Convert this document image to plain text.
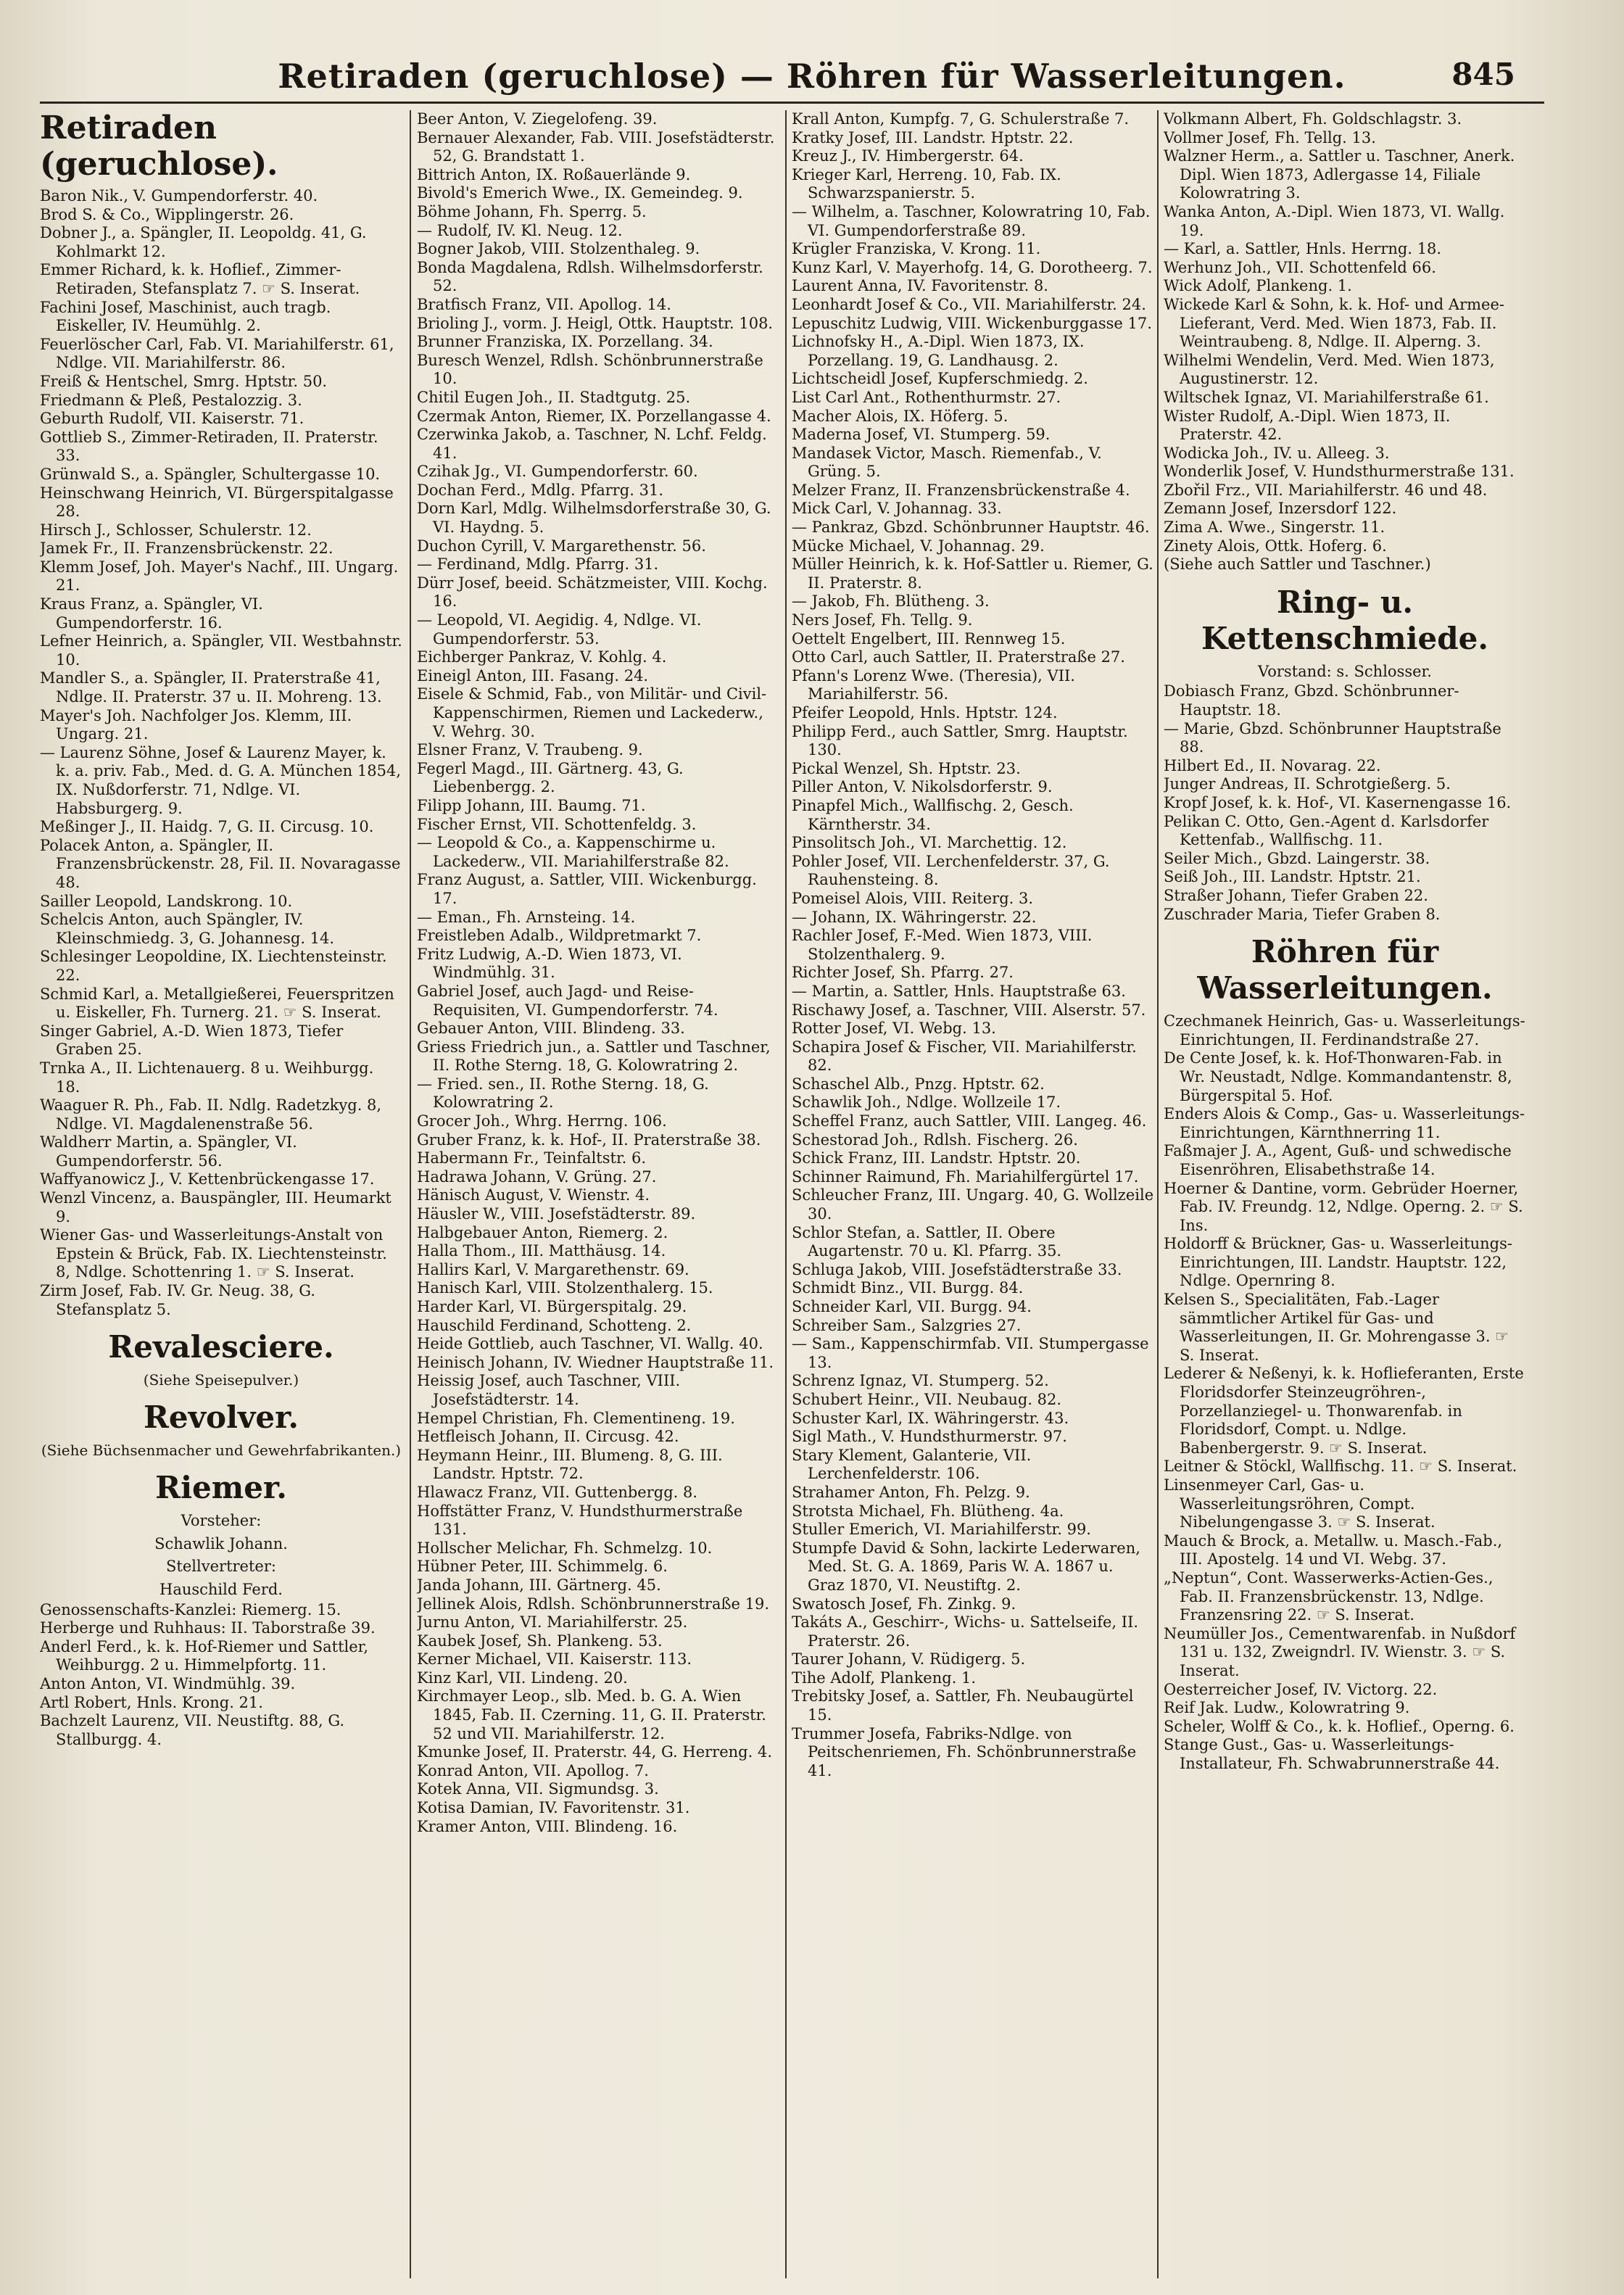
Retiraden (geruchlose) — Röhren für Wasserleitungen.	845
Retiraden (geruchlose).

Baron Nik., V. Gumpendorferstr. 40.

Brod S. & Co., Wipplingerstr. 26.

Dobner J., a. Spängler, II. Leopoldg. 41, G. Kohlmarkt 12.

Emmer Richard, k. k. Hoflief., Zimmer-Retiraden, Stefansplatz 7. ☞ S. Inserat.

Fachini Josef, Maschinist, auch tragb. Eiskeller, IV. Heumühlg. 2.

Feuerlöscher Carl, Fab. VI. Mariahilferstr. 61, Ndlge. VII. Mariahilferstr. 86.

Freiß & Hentschel, Smrg. Hptstr. 50.

Friedmann & Pleß, Pestalozzig. 3.

Geburth Rudolf, VII. Kaiserstr. 71.

Gottlieb S., Zimmer-Retiraden, II. Praterstr. 33.

Grünwald S., a. Spängler, Schultergasse 10.

Heinschwang Heinrich, VI. Bürgerspitalgasse 28.

Hirsch J., Schlosser, Schulerstr. 12.

Jamek Fr., II. Franzensbrückenstr. 22.

Klemm Josef, Joh. Mayer's Nachf., III. Ungarg. 21.

Kraus Franz, a. Spängler, VI. Gumpendorferstr. 16.

Lefner Heinrich, a. Spängler, VII. Westbahnstr. 10.

Mandler S., a. Spängler, II. Praterstraße 41, Ndlge. II. Praterstr. 37 u. II. Mohreng. 13.

Mayer's Joh. Nachfolger Jos. Klemm, III. Ungarg. 21.

— Laurenz Söhne, Josef & Laurenz Mayer, k. k. a. priv. Fab., Med. d. G. A. München 1854, IX. Nußdorferstr. 71, Ndlge. VI. Habsburgerg. 9.

Meßinger J., II. Haidg. 7, G. II. Circusg. 10.

Polacek Anton, a. Spängler, II. Franzensbrückenstr. 28, Fil. II. Novaragasse 48.

Sailler Leopold, Landskrong. 10.

Schelcis Anton, auch Spängler, IV. Kleinschmiedg. 3, G. Johannesg. 14.

Schlesinger Leopoldine, IX. Liechtensteinstr. 22.

Schmid Karl, a. Metallgießerei, Feuerspritzen u. Eiskeller, Fh. Turnerg. 21. ☞ S. Inserat.

Singer Gabriel, A.-D. Wien 1873, Tiefer Graben 25.

Trnka A., II. Lichtenauerg. 8 u. Weihburgg. 18.

Waaguer R. Ph., Fab. II. Ndlg. Radetzkyg. 8, Ndlge. VI. Magdalenenstraße 56.

Waldherr Martin, a. Spängler, VI. Gumpendorferstr. 56.

Waffyanowicz J., V. Kettenbrückengasse 17.

Wenzl Vincenz, a. Bauspängler, III. Heumarkt 9.

Wiener Gas- und Wasserleitungs-Anstalt von Epstein & Brück, Fab. IX. Liechtensteinstr. 8, Ndlge. Schottenring 1. ☞ S. Inserat.

Zirm Josef, Fab. IV. Gr. Neug. 38, G. Stefansplatz 5.

Revalesciere.
(Siehe Speisepulver.)
Revolver.
(Siehe Büchsenmacher und Gewehrfabrikanten.)
Riemer.
Vorsteher:
Schawlik Johann.
Stellvertreter:
Hauschild Ferd.

Genossenschafts-Kanzlei: Riemerg. 15.

Herberge und Ruhhaus: II. Taborstraße 39.

Anderl Ferd., k. k. Hof-Riemer und Sattler, Weihburgg. 2 u. Himmelpfortg. 11.

Anton Anton, VI. Windmühlg. 39.

Artl Robert, Hnls. Krong. 21.

Bachzelt Laurenz, VII. Neustiftg. 88, G. Stallburgg. 4.

Beer Anton, V. Ziegelofeng. 39.

Bernauer Alexander, Fab. VIII. Josefstädterstr. 52, G. Brandstatt 1.

Bittrich Anton, IX. Roßauerlände 9.

Bivold's Emerich Wwe., IX. Gemeindeg. 9.

Böhme Johann, Fh. Sperrg. 5.

— Rudolf, IV. Kl. Neug. 12.

Bogner Jakob, VIII. Stolzenthaleg. 9.

Bonda Magdalena, Rdlsh. Wilhelmsdorferstr. 52.

Bratfisch Franz, VII. Apollog. 14.

Brioling J., vorm. J. Heigl, Ottk. Hauptstr. 108.

Brunner Franziska, IX. Porzellang. 34.

Buresch Wenzel, Rdlsh. Schönbrunnerstraße 10.

Chitil Eugen Joh., II. Stadtgutg. 25.

Czermak Anton, Riemer, IX. Porzellangasse 4.

Czerwinka Jakob, a. Taschner, N. Lchf. Feldg. 41.

Czihak Jg., VI. Gumpendorferstr. 60.

Dochan Ferd., Mdlg. Pfarrg. 31.

Dorn Karl, Mdlg. Wilhelmsdorferstraße 30, G. VI. Haydng. 5.

Duchon Cyrill, V. Margarethenstr. 56.

— Ferdinand, Mdlg. Pfarrg. 31.

Dürr Josef, beeid. Schätzmeister, VIII. Kochg. 16.

— Leopold, VI. Aegidig. 4, Ndlge. VI. Gumpendorferstr. 53.

Eichberger Pankraz, V. Kohlg. 4.

Eineigl Anton, III. Fasang. 24.

Eisele & Schmid, Fab., von Militär- und Civil-Kappenschirmen, Riemen und Lackederw., V. Wehrg. 30.

Elsner Franz, V. Traubeng. 9.

Fegerl Magd., III. Gärtnerg. 43, G. Liebenbergg. 2.

Filipp Johann, III. Baumg. 71.

Fischer Ernst, VII. Schottenfeldg. 3.

— Leopold & Co., a. Kappenschirme u. Lackederw., VII. Mariahilferstraße 82.

Franz August, a. Sattler, VIII. Wickenburgg. 17.

— Eman., Fh. Arnsteing. 14.

Freistleben Adalb., Wildpretmarkt 7.

Fritz Ludwig, A.-D. Wien 1873, VI. Windmühlg. 31.

Gabriel Josef, auch Jagd- und Reise-Requisiten, VI. Gumpendorferstr. 74.

Gebauer Anton, VIII. Blindeng. 33.

Griess Friedrich jun., a. Sattler und Taschner, II. Rothe Sterng. 18, G. Kolowratring 2.

— Fried. sen., II. Rothe Sterng. 18, G. Kolowratring 2.

Grocer Joh., Whrg. Herrng. 106.

Gruber Franz, k. k. Hof-, II. Praterstraße 38.

Habermann Fr., Teinfaltstr. 6.

Hadrawa Johann, V. Grüng. 27.

Hänisch August, V. Wienstr. 4.

Häusler W., VIII. Josefstädterstr. 89.

Halbgebauer Anton, Riemerg. 2.

Halla Thom., III. Matthäusg. 14.

Hallirs Karl, V. Margarethenstr. 69.

Hanisch Karl, VIII. Stolzenthalerg. 15.

Harder Karl, VI. Bürgerspitalg. 29.

Hauschild Ferdinand, Schotteng. 2.

Heide Gottlieb, auch Taschner, VI. Wallg. 40.

Heinisch Johann, IV. Wiedner Hauptstraße 11.

Heissig Josef, auch Taschner, VIII. Josefstädterstr. 14.

Hempel Christian, Fh. Clementineng. 19.

Hetfleisch Johann, II. Circusg. 42.

Heymann Heinr., III. Blumeng. 8, G. III. Landstr. Hptstr. 72.

Hlawacz Franz, VII. Guttenbergg. 8.

Hoffstätter Franz, V. Hundsthurmerstraße 131.

Hollscher Melichar, Fh. Schmelzg. 10.

Hübner Peter, III. Schimmelg. 6.

Janda Johann, III. Gärtnerg. 45.

Jellinek Alois, Rdlsh. Schönbrunnerstraße 19.

Jurnu Anton, VI. Mariahilferstr. 25.

Kaubek Josef, Sh. Plankeng. 53.

Kerner Michael, VII. Kaiserstr. 113.

Kinz Karl, VII. Lindeng. 20.

Kirchmayer Leop., slb. Med. b. G. A. Wien 1845, Fab. II. Czerning. 11, G. II. Praterstr. 52 und VII. Mariahilferstr. 12.

Kmunke Josef, II. Praterstr. 44, G. Herreng. 4.

Konrad Anton, VII. Apollog. 7.

Kotek Anna, VII. Sigmundsg. 3.

Kotisa Damian, IV. Favoritenstr. 31.

Kramer Anton, VIII. Blindeng. 16.

Krall Anton, Kumpfg. 7, G. Schulerstraße 7.

Kratky Josef, III. Landstr. Hptstr. 22.

Kreuz J., IV. Himbergerstr. 64.

Krieger Karl, Herreng. 10, Fab. IX. Schwarzspanierstr. 5.

— Wilhelm, a. Taschner, Kolowratring 10, Fab. VI. Gumpendorferstraße 89.

Krügler Franziska, V. Krong. 11.

Kunz Karl, V. Mayerhofg. 14, G. Dorotheerg. 7.

Laurent Anna, IV. Favoritenstr. 8.

Leonhardt Josef & Co., VII. Mariahilferstr. 24.

Lepuschitz Ludwig, VIII. Wickenburggasse 17.

Lichnofsky H., A.-Dipl. Wien 1873, IX. Porzellang. 19, G. Landhausg. 2.

Lichtscheidl Josef, Kupferschmiedg. 2.

List Carl Ant., Rothenthurmstr. 27.

Macher Alois, IX. Höferg. 5.

Maderna Josef, VI. Stumperg. 59.

Mandasek Victor, Masch. Riemenfab., V. Grüng. 5.

Melzer Franz, II. Franzensbrückenstraße 4.

Mick Carl, V. Johannag. 33.

— Pankraz, Gbzd. Schönbrunner Hauptstr. 46.

Mücke Michael, V. Johannag. 29.

Müller Heinrich, k. k. Hof-Sattler u. Riemer, G. II. Praterstr. 8.

— Jakob, Fh. Blütheng. 3.

Ners Josef, Fh. Tellg. 9.

Oettelt Engelbert, III. Rennweg 15.

Otto Carl, auch Sattler, II. Praterstraße 27.

Pfann's Lorenz Wwe. (Theresia), VII. Mariahilferstr. 56.

Pfeifer Leopold, Hnls. Hptstr. 124.

Philipp Ferd., auch Sattler, Smrg. Hauptstr. 130.

Pickal Wenzel, Sh. Hptstr. 23.

Piller Anton, V. Nikolsdorferstr. 9.

Pinapfel Mich., Wallfischg. 2, Gesch. Kärntherstr. 34.

Pinsolitsch Joh., VI. Marchettig. 12.

Pohler Josef, VII. Lerchenfelderstr. 37, G. Rauhensteing. 8.

Pomeisel Alois, VIII. Reiterg. 3.

— Johann, IX. Währingerstr. 22.

Rachler Josef, F.-Med. Wien 1873, VIII. Stolzenthalerg. 9.

Richter Josef, Sh. Pfarrg. 27.

— Martin, a. Sattler, Hnls. Hauptstraße 63.

Rischawy Josef, a. Taschner, VIII. Alserstr. 57.

Rotter Josef, VI. Webg. 13.

Schapira Josef & Fischer, VII. Mariahilferstr. 82.

Schaschel Alb., Pnzg. Hptstr. 62.

Schawlik Joh., Ndlge. Wollzeile 17.

Scheffel Franz, auch Sattler, VIII. Langeg. 46.

Schestorad Joh., Rdlsh. Fischerg. 26.

Schick Franz, III. Landstr. Hptstr. 20.

Schinner Raimund, Fh. Mariahilfergürtel 17.

Schleucher Franz, III. Ungarg. 40, G. Wollzeile 30.

Schlor Stefan, a. Sattler, II. Obere Augartenstr. 70 u. Kl. Pfarrg. 35.

Schluga Jakob, VIII. Josefstädterstraße 33.

Schmidt Binz., VII. Burgg. 84.

Schneider Karl, VII. Burgg. 94.

Schreiber Sam., Salzgries 27.

— Sam., Kappenschirmfab. VII. Stumpergasse 13.

Schrenz Ignaz, VI. Stumperg. 52.

Schubert Heinr., VII. Neubaug. 82.

Schuster Karl, IX. Währingerstr. 43.

Sigl Math., V. Hundsthurmerstr. 97.

Stary Klement, Galanterie, VII. Lerchenfelderstr. 106.

Strahamer Anton, Fh. Pelzg. 9.

Strotsta Michael, Fh. Blütheng. 4a.

Stuller Emerich, VI. Mariahilferstr. 99.

Stumpfe David & Sohn, lackirte Lederwaren, Med. St. G. A. 1869, Paris W. A. 1867 u. Graz 1870, VI. Neustiftg. 2.

Swatosch Josef, Fh. Zinkg. 9.

Takáts A., Geschirr-, Wichs- u. Sattelseife, II. Praterstr. 26.

Taurer Johann, V. Rüdigerg. 5.

Tihe Adolf, Plankeng. 1.

Trebitsky Josef, a. Sattler, Fh. Neubaugürtel 15.

Trummer Josefa, Fabriks-Ndlge. von Peitschenriemen, Fh. Schönbrunnerstraße 41.

Volkmann Albert, Fh. Goldschlagstr. 3.

Vollmer Josef, Fh. Tellg. 13.

Walzner Herm., a. Sattler u. Taschner, Anerk. Dipl. Wien 1873, Adlergasse 14, Filiale Kolowratring 3.

Wanka Anton, A.-Dipl. Wien 1873, VI. Wallg. 19.

— Karl, a. Sattler, Hnls. Herrng. 18.

Werhunz Joh., VII. Schottenfeld 66.

Wick Adolf, Plankeng. 1.

Wickede Karl & Sohn, k. k. Hof- und Armee-Lieferant, Verd. Med. Wien 1873, Fab. II. Weintraubeng. 8, Ndlge. II. Alperng. 3.

Wilhelmi Wendelin, Verd. Med. Wien 1873, Augustinerstr. 12.

Wiltschek Ignaz, VI. Mariahilferstraße 61.

Wister Rudolf, A.-Dipl. Wien 1873, II. Praterstr. 42.

Wodicka Joh., IV. u. Alleeg. 3.

Wonderlik Josef, V. Hundsthurmerstraße 131.

Zbořil Frz., VII. Mariahilferstr. 46 und 48.

Zemann Josef, Inzersdorf 122.

Zima A. Wwe., Singerstr. 11.

Zinety Alois, Ottk. Hoferg. 6.

(Siehe auch Sattler und Taschner.)

Ring- u. Kettenschmiede.
Vorstand: s. Schlosser.

Dobiasch Franz, Gbzd. Schönbrunner-Hauptstr. 18.

— Marie, Gbzd. Schönbrunner Hauptstraße 88.

Hilbert Ed., II. Novarag. 22.

Junger Andreas, II. Schrotgießerg. 5.

Kropf Josef, k. k. Hof-, VI. Kasernengasse 16.

Pelikan C. Otto, Gen.-Agent d. Karlsdorfer Kettenfab., Wallfischg. 11.

Seiler Mich., Gbzd. Laingerstr. 38.

Seiß Joh., III. Landstr. Hptstr. 21.

Straßer Johann, Tiefer Graben 22.

Zuschrader Maria, Tiefer Graben 8.

Röhren für Wasserleitungen.

Czechmanek Heinrich, Gas- u. Wasserleitungs-Einrichtungen, II. Ferdinandstraße 27.

De Cente Josef, k. k. Hof-Thonwaren-Fab. in Wr. Neustadt, Ndlge. Kommandantenstr. 8, Bürgerspital 5. Hof.

Enders Alois & Comp., Gas- u. Wasserleitungs-Einrichtungen, Kärnthnerring 11.

Faßmajer J. A., Agent, Guß- und schwedische Eisenröhren, Elisabethstraße 14.

Hoerner & Dantine, vorm. Gebrüder Hoerner, Fab. IV. Freundg. 12, Ndlge. Operng. 2. ☞ S. Ins.

Holdorff & Brückner, Gas- u. Wasserleitungs-Einrichtungen, III. Landstr. Hauptstr. 122, Ndlge. Opernring 8.

Kelsen S., Specialitäten, Fab.-Lager sämmtlicher Artikel für Gas- und Wasserleitungen, II. Gr. Mohrengasse 3. ☞ S. Inserat.

Lederer & Neßenyi, k. k. Hoflieferanten, Erste Floridsdorfer Steinzeugröhren-, Porzellanziegel- u. Thonwarenfab. in Floridsdorf, Compt. u. Ndlge. Babenbergerstr. 9. ☞ S. Inserat.

Leitner & Stöckl, Wallfischg. 11. ☞ S. Inserat.

Linsenmeyer Carl, Gas- u. Wasserleitungsröhren, Compt. Nibelungengasse 3. ☞ S. Inserat.

Mauch & Brock, a. Metallw. u. Masch.-Fab., III. Apostelg. 14 und VI. Webg. 37.

„Neptun“, Cont. Wasserwerks-Actien-Ges., Fab. II. Franzensbrückenstr. 13, Ndlge. Franzensring 22. ☞ S. Inserat.

Neumüller Jos., Cementwarenfab. in Nußdorf 131 u. 132, Zweigndrl. IV. Wienstr. 3. ☞ S. Inserat.

Oesterreicher Josef, IV. Victorg. 22.

Reif Jak. Ludw., Kolowratring 9.

Scheler, Wolff & Co., k. k. Hoflief., Operng. 6.

Stange Gust., Gas- u. Wasserleitungs-Installateur, Fh. Schwabrunnerstraße 44.
